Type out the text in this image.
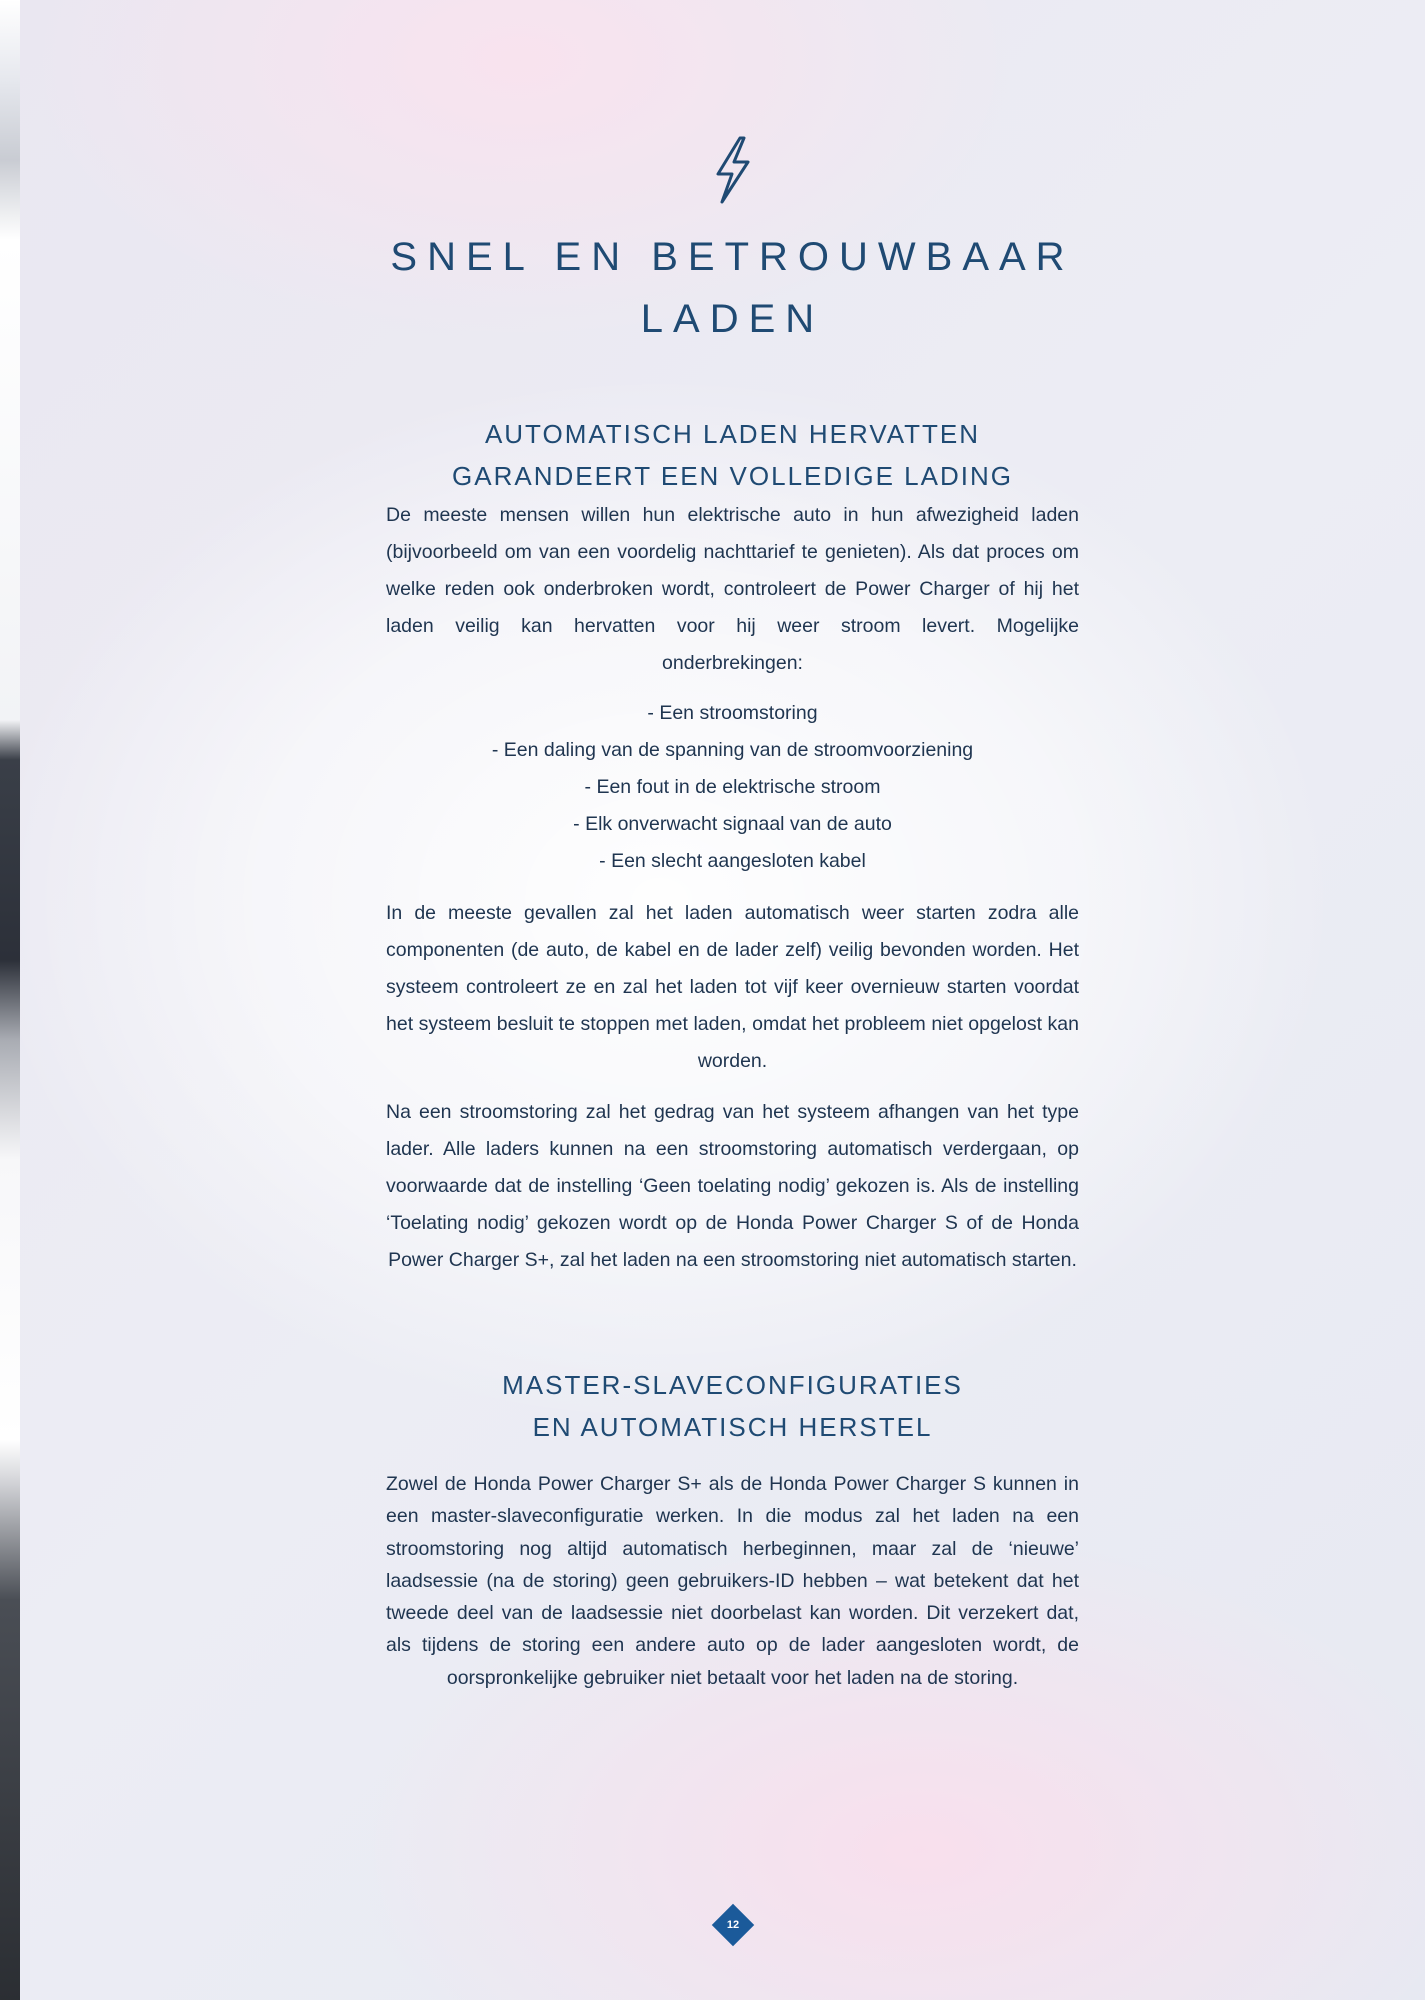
SNEL EN BETROUWBAAR
LADEN
AUTOMATISCH LADEN HERVATTEN
GARANDEERT EEN VOLLEDIGE LADING

De meeste mensen willen hun elektrische auto in hun afwezigheid laden (bijvoorbeeld om van een voordelig nachttarief te genieten). Als dat proces om welke reden ook onderbroken wordt, controleert de Power Charger of hij het laden veilig kan hervatten voor hij weer stroom levert. Mogelijke onderbrekingen:

- Een stroomstoring
- Een daling van de spanning van de stroomvoorziening
- Een fout in de elektrische stroom
- Elk onverwacht signaal van de auto
- Een slecht aangesloten kabel

In de meeste gevallen zal het laden automatisch weer starten zodra alle componenten (de auto, de kabel en de lader zelf) veilig bevonden worden. Het systeem controleert ze en zal het laden tot vijf keer overnieuw starten voordat het systeem besluit te stoppen met laden, omdat het probleem niet opgelost kan worden.

Na een stroomstoring zal het gedrag van het systeem afhangen van het type lader. Alle laders kunnen na een stroomstoring automatisch verdergaan, op voorwaarde dat de instelling ‘Geen toelating nodig’ gekozen is. Als de instelling ‘Toelating nodig’ gekozen wordt op de Honda Power Charger S of de Honda Power Charger S+, zal het laden na een stroomstoring niet automatisch starten.

MASTER-SLAVECONFIGURATIES
EN AUTOMATISCH HERSTEL

Zowel de Honda Power Charger S+ als de Honda Power Charger S kunnen in een master-slaveconfiguratie werken. In die modus zal het laden na een stroomstoring nog altijd automatisch herbeginnen, maar zal de ‘nieuwe’ laadsessie (na de storing) geen gebruikers-ID hebben – wat betekent dat het tweede deel van de laadsessie niet doorbelast kan worden. Dit verzekert dat, als tijdens de storing een andere auto op de lader aangesloten wordt, de oorspronkelijke gebruiker niet betaalt voor het laden na de storing.

12
